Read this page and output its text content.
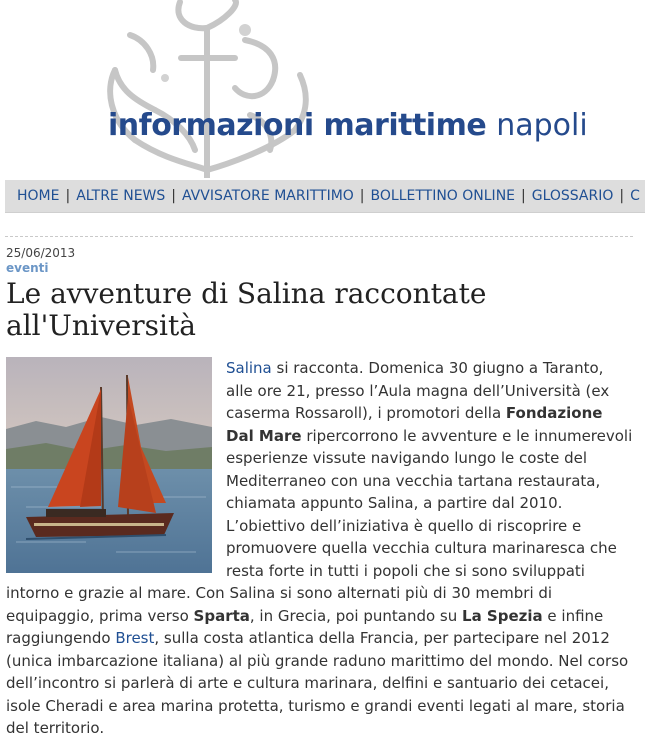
informazioni marittime napoli
HOME | ALTRE NEWS | AVVISATORE MARITTIMO | BOLLETTINO ONLINE | GLOSSARIO | C
25/06/2013
eventi
Le avventure di Salina raccontate all'Università

Salina si racconta. Domenica 30 giugno a Taranto, alle ore 21, presso l’Aula magna dell’Università (ex caserma Rossaroll), i promotori della Fondazione Dal Mare ripercorrono le avventure e le innumerevoli esperienze vissute navigando lungo le coste del Mediterraneo con una vecchia tartana restaurata, chiamata appunto Salina, a partire dal 2010. L’obiettivo dell’iniziativa è quello di riscoprire e promuovere quella vecchia cultura marinaresca che resta forte in tutti i popoli che si sono sviluppati intorno e grazie al mare. Con Salina si sono alternati più di 30 membri di equipaggio, prima verso Sparta, in Grecia, poi puntando su La Spezia e infine raggiungendo Brest, sulla costa atlantica della Francia, per partecipare nel 2012 (unica imbarcazione italiana) al più grande raduno marittimo del mondo. Nel corso dell’incontro si parlerà di arte e cultura marinara, delfini e santuario dei cetacei, isole Cheradi e area marina protetta, turismo e grandi eventi legati al mare, storia del territorio.
